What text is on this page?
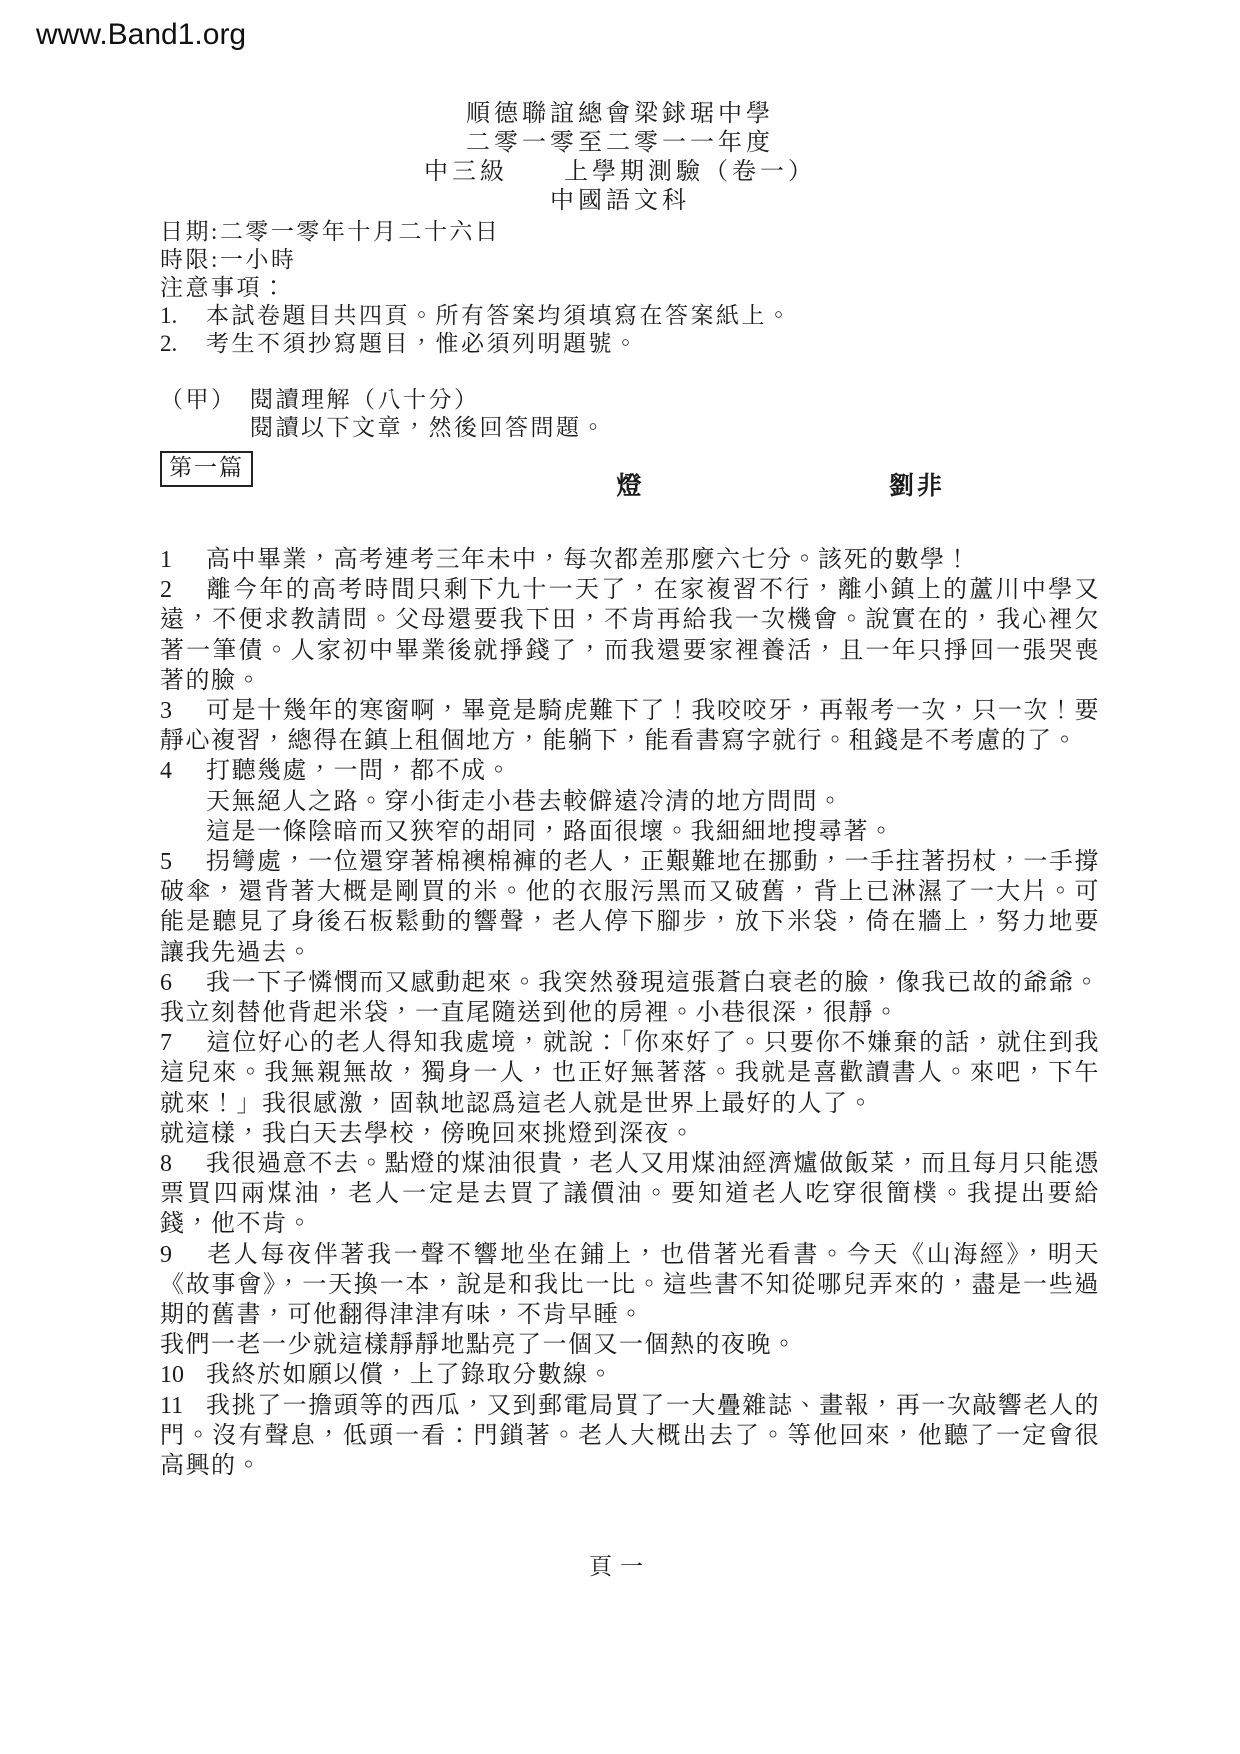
www.Band1.org
順德聯誼總會梁銶琚中學
二零一零至二零一一年度
中三級　　上學期測驗（卷一）
中國語文科
日期:二零一零年十月二十六日
時限:一小時
注意事項：
1.	本試卷題目共四頁。所有答案均須填寫在答案紙上。
2.	考生不須抄寫題目，惟必須列明題號。
（甲） 閱讀理解（八十分）
閱讀以下文章，然後回答問題。
第一篇
燈	劉非
1 高中畢業，高考連考三年未中，每次都差那麼六七分。該死的數學！
2 離今年的高考時間只剩下九十一天了，在家複習不行，離小鎮上的蘆川中學又遠，不便求教請問。父母還要我下田，不肯再給我一次機會。說實在的，我心裡欠著一筆債。人家初中畢業後就掙錢了，而我還要家裡養活，且一年只掙回一張哭喪著的臉。
3 可是十幾年的寒窗啊，畢竟是騎虎難下了！我咬咬牙，再報考一次，只一次！要靜心複習，總得在鎮上租個地方，能躺下，能看書寫字就行。租錢是不考慮的了。
4 打聽幾處，一問，都不成。
天無絕人之路。穿小街走小巷去較僻遠冷清的地方問問。
這是一條陰暗而又狹窄的胡同，路面很壞。我細細地搜尋著。
5 拐彎處，一位還穿著棉襖棉褲的老人，正艱難地在挪動，一手拄著拐杖，一手撐破傘，還背著大概是剛買的米。他的衣服污黑而又破舊，背上已淋濕了一大片。可能是聽見了身後石板鬆動的響聲，老人停下腳步，放下米袋，倚在牆上，努力地要讓我先過去。
6 我一下子憐憫而又感動起來。我突然發現這張蒼白衰老的臉，像我已故的爺爺。我立刻替他背起米袋，一直尾隨送到他的房裡。小巷很深，很靜。
7 這位好心的老人得知我處境，就說：「你來好了。只要你不嫌棄的話，就住到我這兒來。我無親無故，獨身一人，也正好無著落。我就是喜歡讀書人。來吧，下午就來！」我很感激，固執地認爲這老人就是世界上最好的人了。
就這樣，我白天去學校，傍晚回來挑燈到深夜。
8 我很過意不去。點燈的煤油很貴，老人又用煤油經濟爐做飯菜，而且每月只能憑票買四兩煤油，老人一定是去買了議價油。要知道老人吃穿很簡樸。我提出要給錢，他不肯。
9 老人每夜伴著我一聲不響地坐在鋪上，也借著光看書。今天《山海經》，明天《故事會》，一天換一本，說是和我比一比。這些書不知從哪兒弄來的，盡是一些過期的舊書，可他翻得津津有味，不肯早睡。
我們一老一少就這樣靜靜地點亮了一個又一個熱的夜晚。
10 我終於如願以償，上了錄取分數線。
11 我挑了一擔頭等的西瓜，又到郵電局買了一大疊雜誌、畫報，再一次敲響老人的門。沒有聲息，低頭一看：門鎖著。老人大概出去了。等他回來，他聽了一定會很高興的。
頁一
